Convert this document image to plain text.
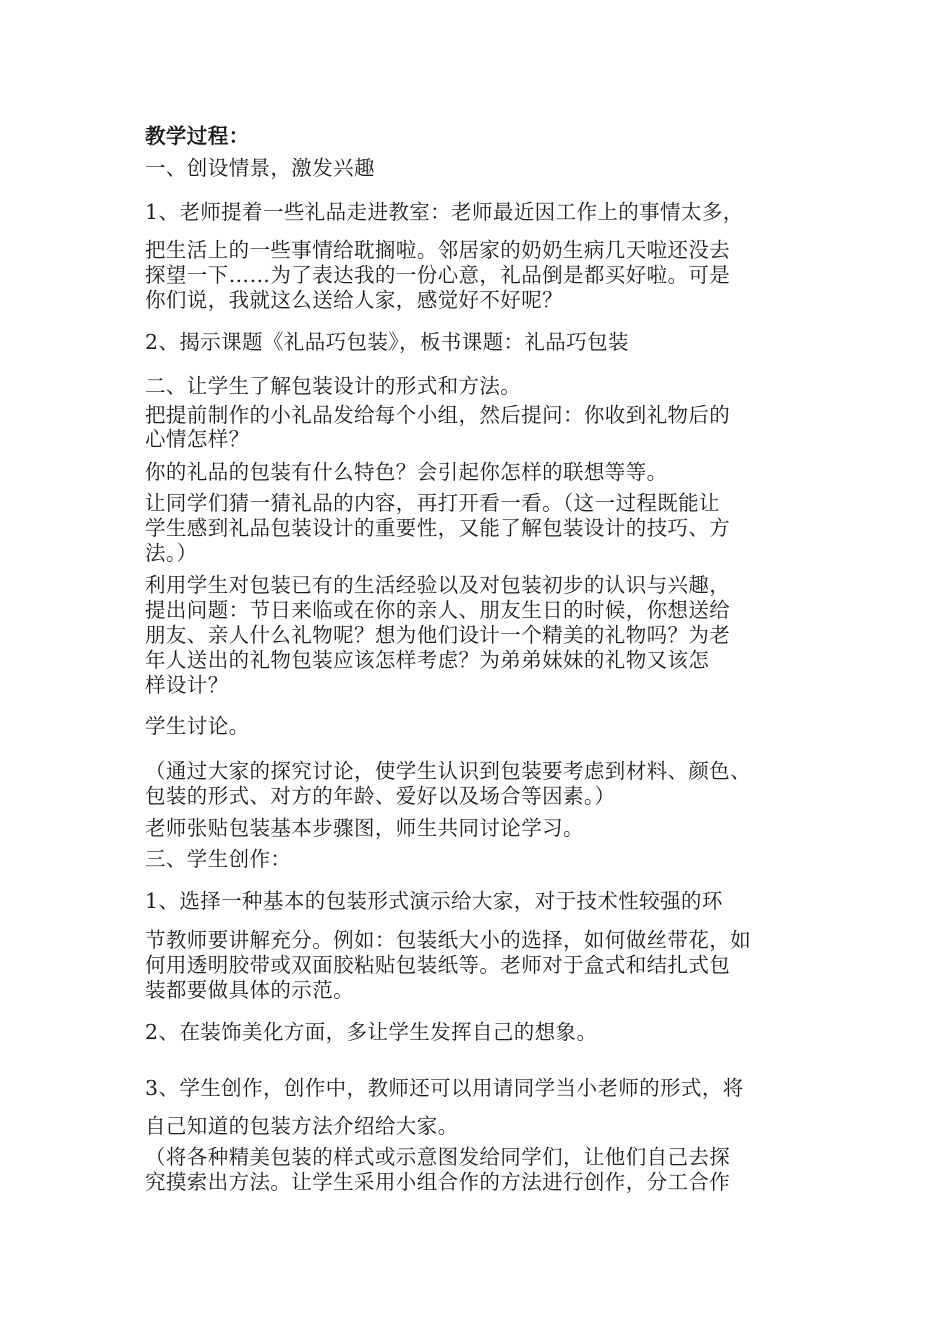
教学过程：
一、创设情景，激发兴趣
1、老师提着一些礼品走进教室：老师最近因工作上的事情太多，
把生活上的一些事情给耽搁啦。邻居家的奶奶生病几天啦还没去
探望一下……为了表达我的一份心意，礼品倒是都买好啦。可是
你们说，我就这么送给人家，感觉好不好呢？
2、揭示课题《礼品巧包装》，板书课题：礼品巧包装
二、让学生了解包装设计的形式和方法。
把提前制作的小礼品发给每个小组，然后提问：你收到礼物后的
心情怎样？
你的礼品的包装有什么特色？会引起你怎样的联想等等。
让同学们猜一猜礼品的内容，再打开看一看。（这一过程既能让
学生感到礼品包装设计的重要性，又能了解包装设计的技巧、方
法。）
利用学生对包装已有的生活经验以及对包装初步的认识与兴趣，
提出问题：节日来临或在你的亲人、朋友生日的时候，你想送给
朋友、亲人什么礼物呢？想为他们设计一个精美的礼物吗？为老
年人送出的礼物包装应该怎样考虑？为弟弟妹妹的礼物又该怎
样设计？
学生讨论。
（通过大家的探究讨论，使学生认识到包装要考虑到材料、颜色、
包装的形式、对方的年龄、爱好以及场合等因素。）
老师张贴包装基本步骤图，师生共同讨论学习。
三、学生创作：
1、选择一种基本的包装形式演示给大家，对于技术性较强的环
节教师要讲解充分。例如：包装纸大小的选择，如何做丝带花，如
何用透明胶带或双面胶粘贴包装纸等。老师对于盒式和结扎式包
装都要做具体的示范。
2、在装饰美化方面，多让学生发挥自己的想象。
3、学生创作，创作中，教师还可以用请同学当小老师的形式，将
自己知道的包装方法介绍给大家。
（将各种精美包装的样式或示意图发给同学们，让他们自己去探
究摸索出方法。让学生采用小组合作的方法进行创作，分工合作
